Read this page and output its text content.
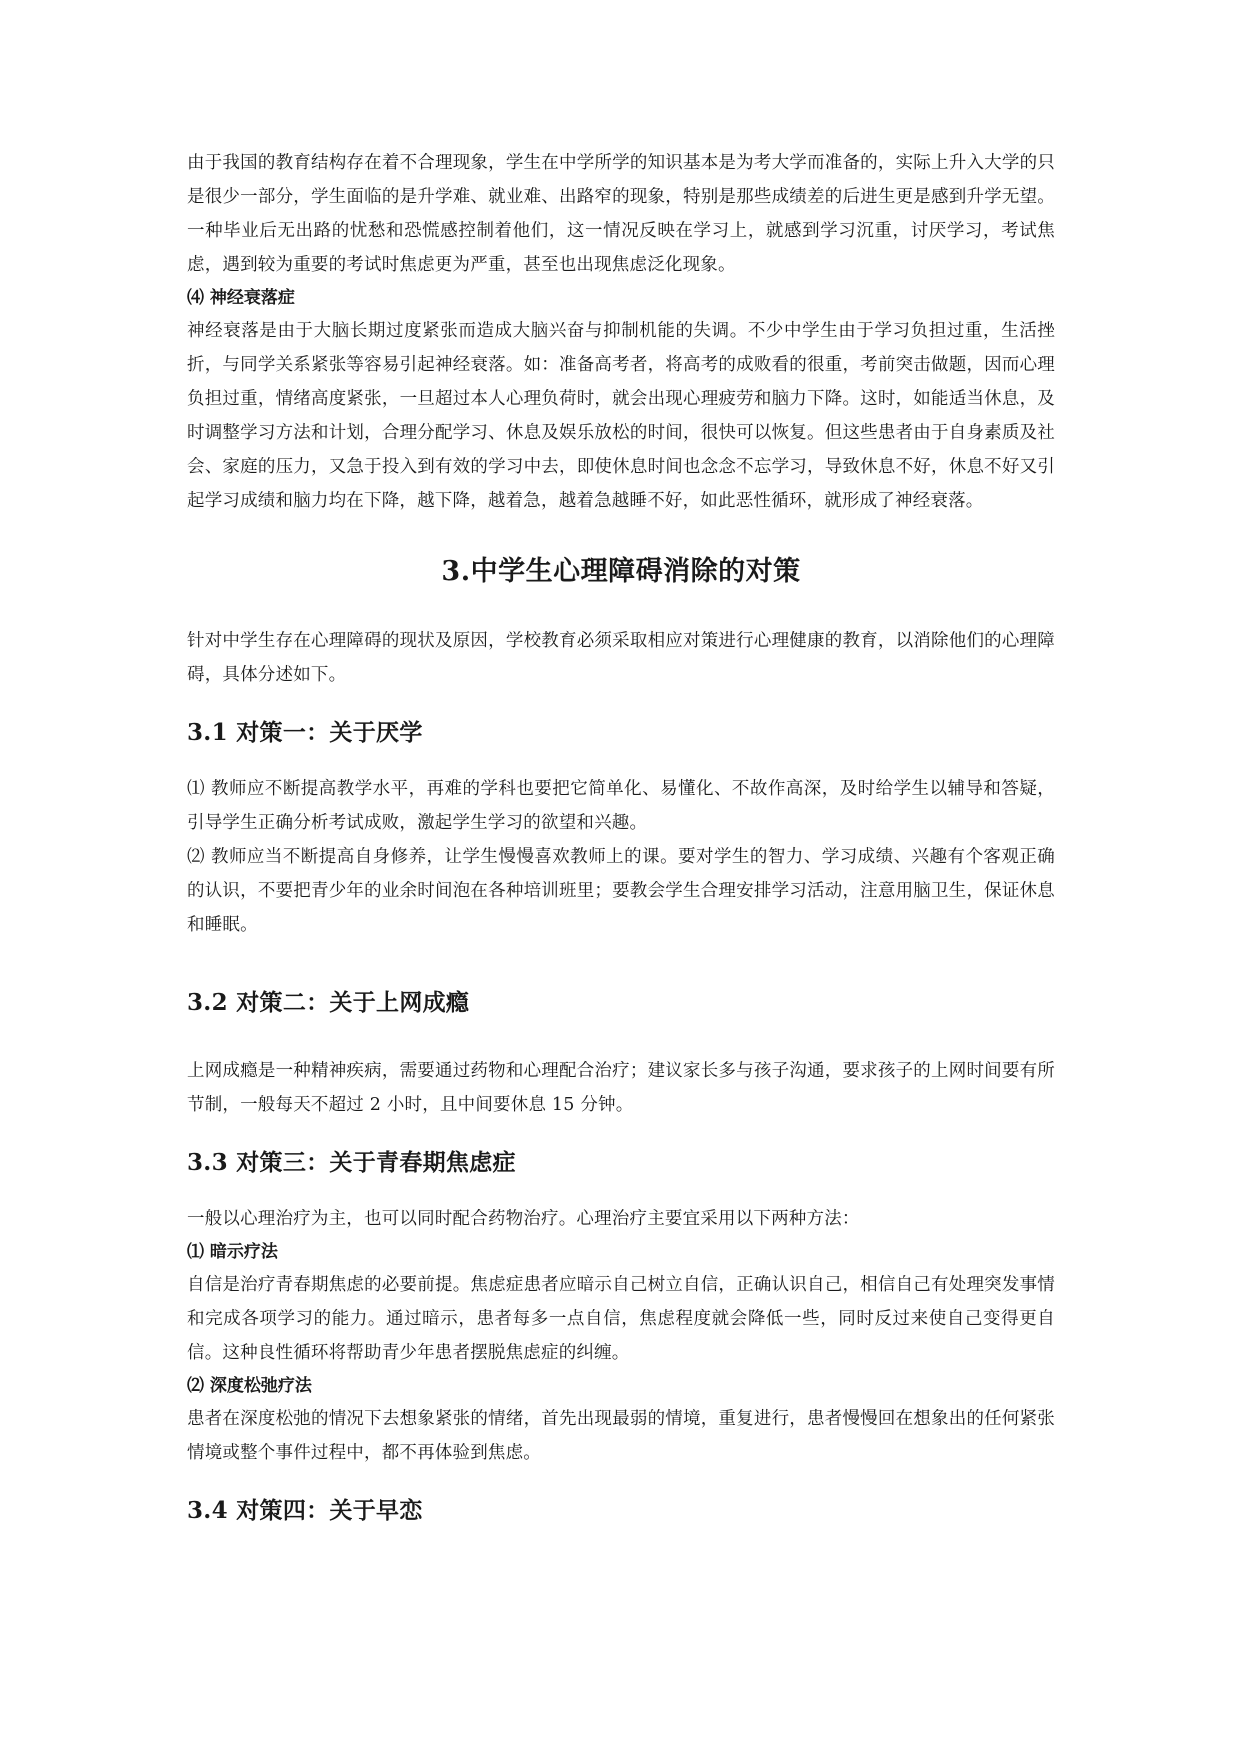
由于我国的教育结构存在着不合理现象，学生在中学所学的知识基本是为考大学而准备的，实际上升入大学的只是很少一部分，学生面临的是升学难、就业难、出路窄的现象，特别是那些成绩差的后进生更是感到升学无望。一种毕业后无出路的忧愁和恐慌感控制着他们，这一情况反映在学习上，就感到学习沉重，讨厌学习，考试焦虑，遇到较为重要的考试时焦虑更为严重，甚至也出现焦虑泛化现象。

⑷ 神经衰落症

神经衰落是由于大脑长期过度紧张而造成大脑兴奋与抑制机能的失调。不少中学生由于学习负担过重，生活挫折，与同学关系紧张等容易引起神经衰落。如：准备高考者，将高考的成败看的很重，考前突击做题，因而心理负担过重，情绪高度紧张，一旦超过本人心理负荷时，就会出现心理疲劳和脑力下降。这时，如能适当休息，及时调整学习方法和计划，合理分配学习、休息及娱乐放松的时间，很快可以恢复。但这些患者由于自身素质及社会、家庭的压力，又急于投入到有效的学习中去，即使休息时间也念念不忘学习，导致休息不好，休息不好又引起学习成绩和脑力均在下降，越下降，越着急，越着急越睡不好，如此恶性循环，就形成了神经衰落。

3.中学生心理障碍消除的对策

针对中学生存在心理障碍的现状及原因，学校教育必须采取相应对策进行心理健康的教育，以消除他们的心理障碍，具体分述如下。

3.1 对策一：关于厌学

⑴ 教师应不断提高教学水平，再难的学科也要把它简单化、易懂化、不故作高深，及时给学生以辅导和答疑，引导学生正确分析考试成败，激起学生学习的欲望和兴趣。

⑵ 教师应当不断提高自身修养，让学生慢慢喜欢教师上的课。要对学生的智力、学习成绩、兴趣有个客观正确的认识，不要把青少年的业余时间泡在各种培训班里；要教会学生合理安排学习活动，注意用脑卫生，保证休息和睡眠。

3.2 对策二：关于上网成瘾

上网成瘾是一种精神疾病，需要通过药物和心理配合治疗；建议家长多与孩子沟通，要求孩子的上网时间要有所节制，一般每天不超过 2 小时，且中间要休息 15 分钟。

3.3 对策三：关于青春期焦虑症

一般以心理治疗为主，也可以同时配合药物治疗。心理治疗主要宜采用以下两种方法：

⑴ 暗示疗法

自信是治疗青春期焦虑的必要前提。焦虑症患者应暗示自己树立自信，正确认识自己，相信自己有处理突发事情和完成各项学习的能力。通过暗示，患者每多一点自信，焦虑程度就会降低一些，同时反过来使自己变得更自信。这种良性循环将帮助青少年患者摆脱焦虑症的纠缠。

⑵ 深度松弛疗法

患者在深度松弛的情况下去想象紧张的情绪，首先出现最弱的情境，重复进行，患者慢慢回在想象出的任何紧张情境或整个事件过程中，都不再体验到焦虑。

3.4 对策四：关于早恋
